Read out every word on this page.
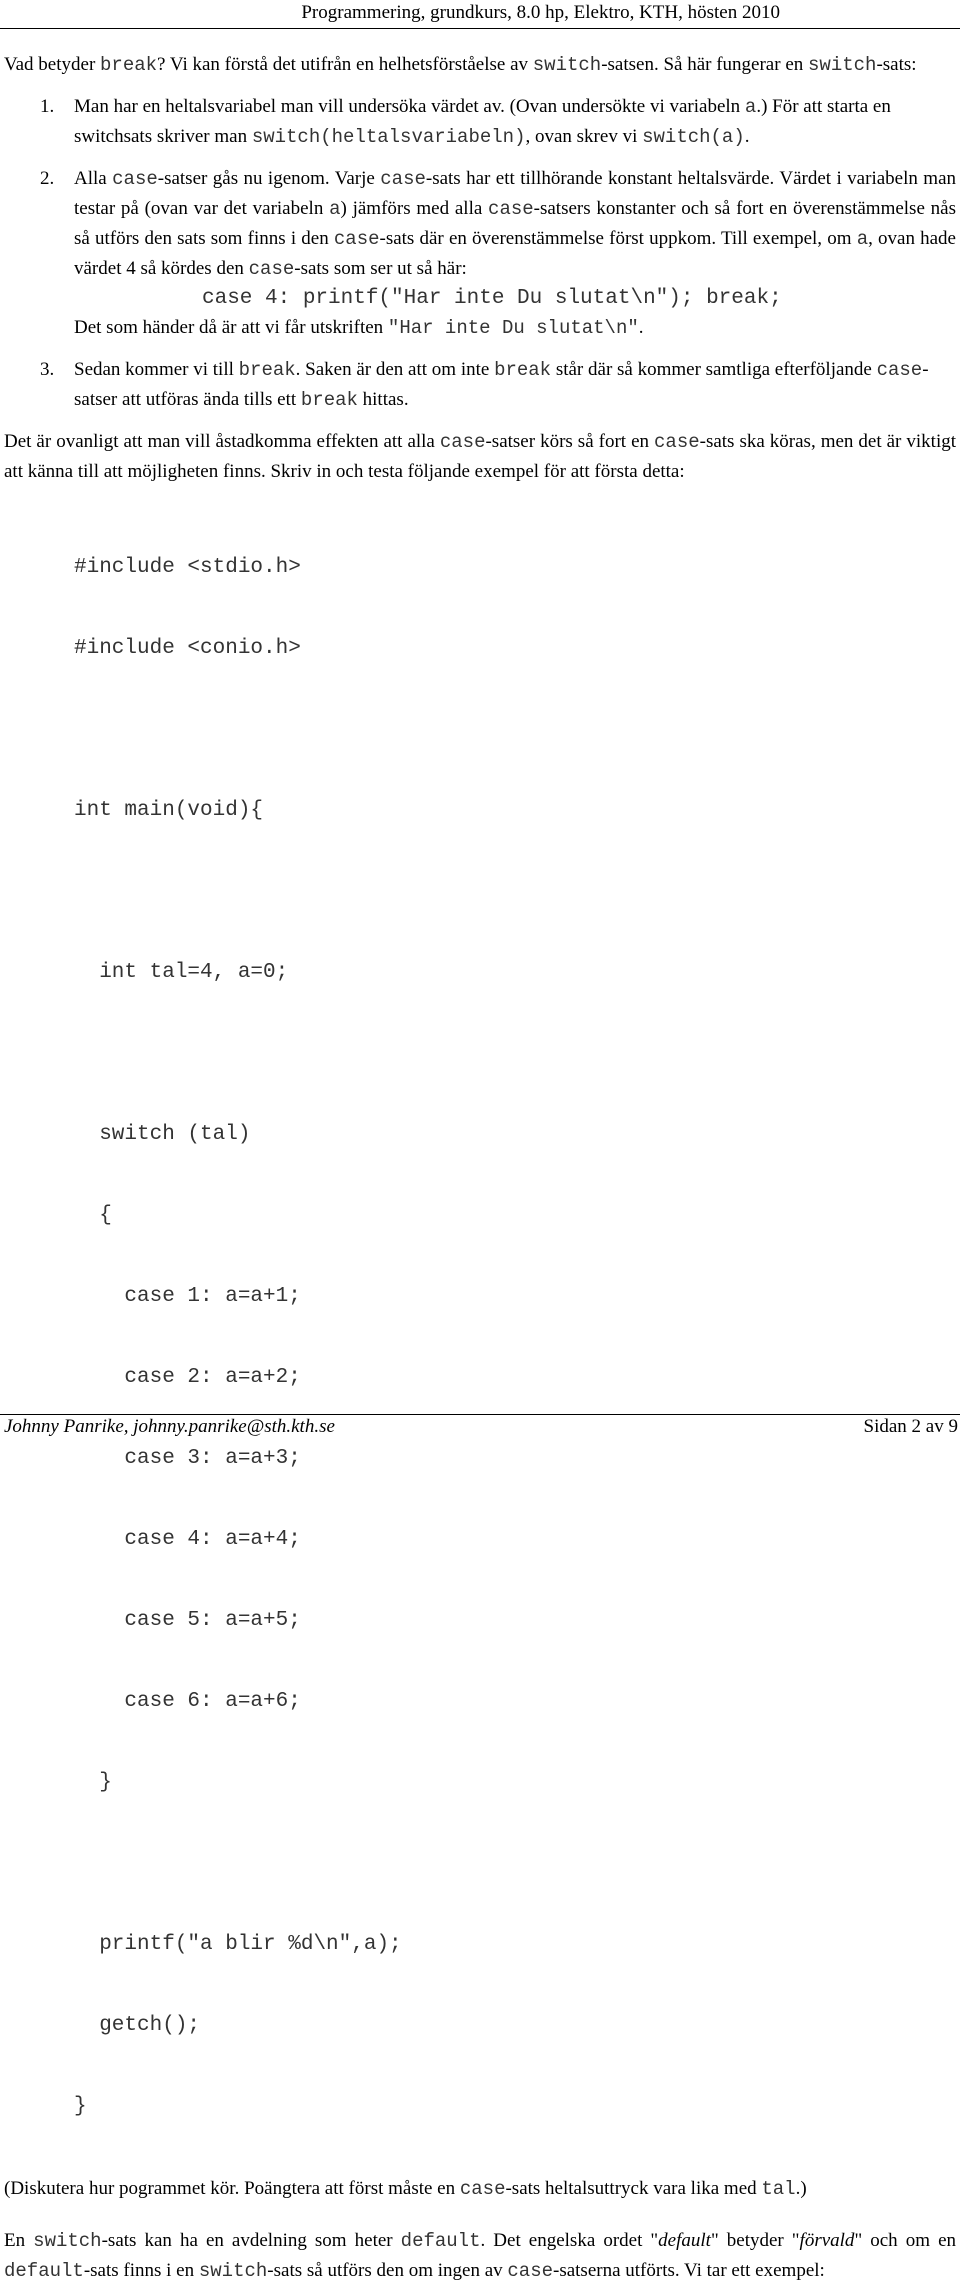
Programmering, grundkurs, 8.0 hp, Elektro, KTH, hösten 2010

Vad betyder break? Vi kan förstå det utifrån en helhetsförståelse av switch-satsen. Så här fungerar en switch-sats:

1. Man har en heltalsvariabel man vill undersöka värdet av. (Ovan undersökte vi variabeln a.) För att starta en switchsats skriver man switch(heltalsvariabeln), ovan skrev vi switch(a).
2. Alla case-satser gås nu igenom. Varje case-sats har ett tillhörande konstant heltalsvärde. Värdet i variabeln man testar på (ovan var det variabeln a) jämförs med alla case-satsers konstanter och så fort en överenstämmelse nås så utförs den sats som finns i den case-sats där en överenstämmelse först uppkom. Till exempel, om a, ovan hade värdet 4 så kördes den case-sats som ser ut så här:
case 4: printf("Har inte Du slutat\n"); break;
Det som händer då är att vi får utskriften "Har inte Du slutat\n".
3. Sedan kommer vi till break. Saken är den att om inte break står där så kommer samtliga efterföljande case-satser att utföras ända tills ett break hittas.

Det är ovanligt att man vill åstadkomma effekten att alla case-satser körs så fort en case-sats ska köras, men det är viktigt att känna till att möjligheten finns. Skriv in och testa följande exempel för att första detta:

#include <stdio.h>

#include <conio.h>

int main(void){

int tal=4, a=0;

switch (tal)

{

case 1: a=a+1;

case 2: a=a+2;

case 3: a=a+3;

case 4: a=a+4;

case 5: a=a+5;

case 6: a=a+6;

}

printf("a blir %d\n",a);

getch();

}

(Diskutera hur pogrammet kör. Poängtera att först måste en case-sats heltalsuttryck vara lika med tal.)

En switch-sats kan ha en avdelning som heter default. Det engelska ordet "default" betyder "förvald" och om en default-sats finns i en switch-sats så utförs den om ingen av case-satserna utförts. Vi tar ett exempel:

Johnny Panrike, johnny.panrike@sth.kth.se	Sidan 2 av 9
